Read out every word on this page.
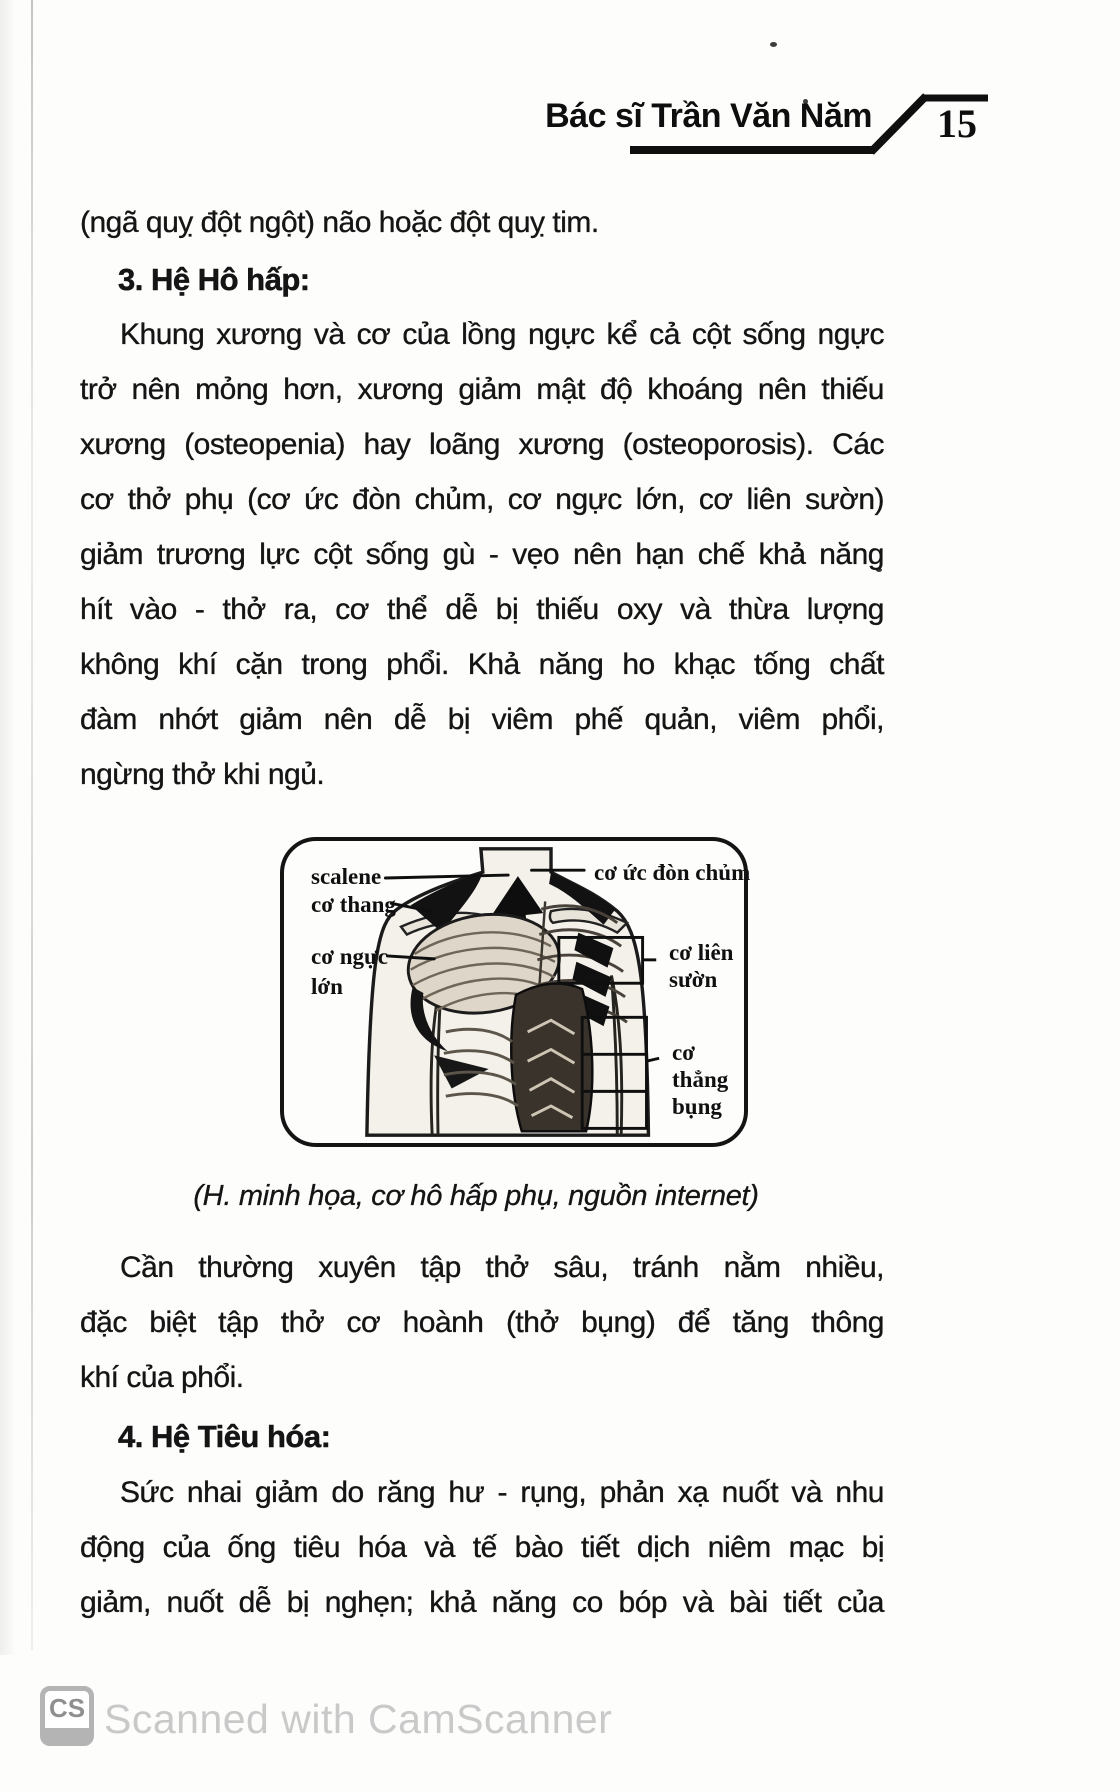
Bác sĩ Trần Văn Năm	15
(ngã quỵ đột ngột) não hoặc đột quỵ tim.
3. Hệ Hô hấp:
Khung xương và cơ của lồng ngực kể cả cột sống ngực
trở nên mỏng hơn, xương giảm mật độ khoáng nên thiếu
xương (osteopenia) hay loãng xương (osteoporosis). Các
cơ thở phụ (cơ ức đòn chủm, cơ ngực lớn, cơ liên sườn)
giảm trương lực cột sống gù - vẹo nên hạn chế khả năng
hít vào - thở ra, cơ thể dễ bị thiếu oxy và thừa lượng
không khí cặn trong phổi. Khả năng ho khạc tống chất
đàm nhớt giảm nên dễ bị viêm phế quản, viêm phổi,
ngừng thở khi ngủ.
scalene
cơ thang
cơ ngực
lớn
cơ ức đòn chủm
cơ liên
sườn
cơ
thẳng
bụng
(H. minh họa, cơ hô hấp phụ, nguồn internet)
Cần thường xuyên tập thở sâu, tránh nằm nhiều,
đặc biệt tập thở cơ hoành (thở bụng) để tăng thông
khí của phổi.
4. Hệ Tiêu hóa:
Sức nhai giảm do răng hư - rụng, phản xạ nuốt và nhu
động của ống tiêu hóa và tế bào tiết dịch niêm mạc bị
giảm, nuốt dễ bị nghẹn; khả năng co bóp và bài tiết của
CS Scanned with CamScanner
